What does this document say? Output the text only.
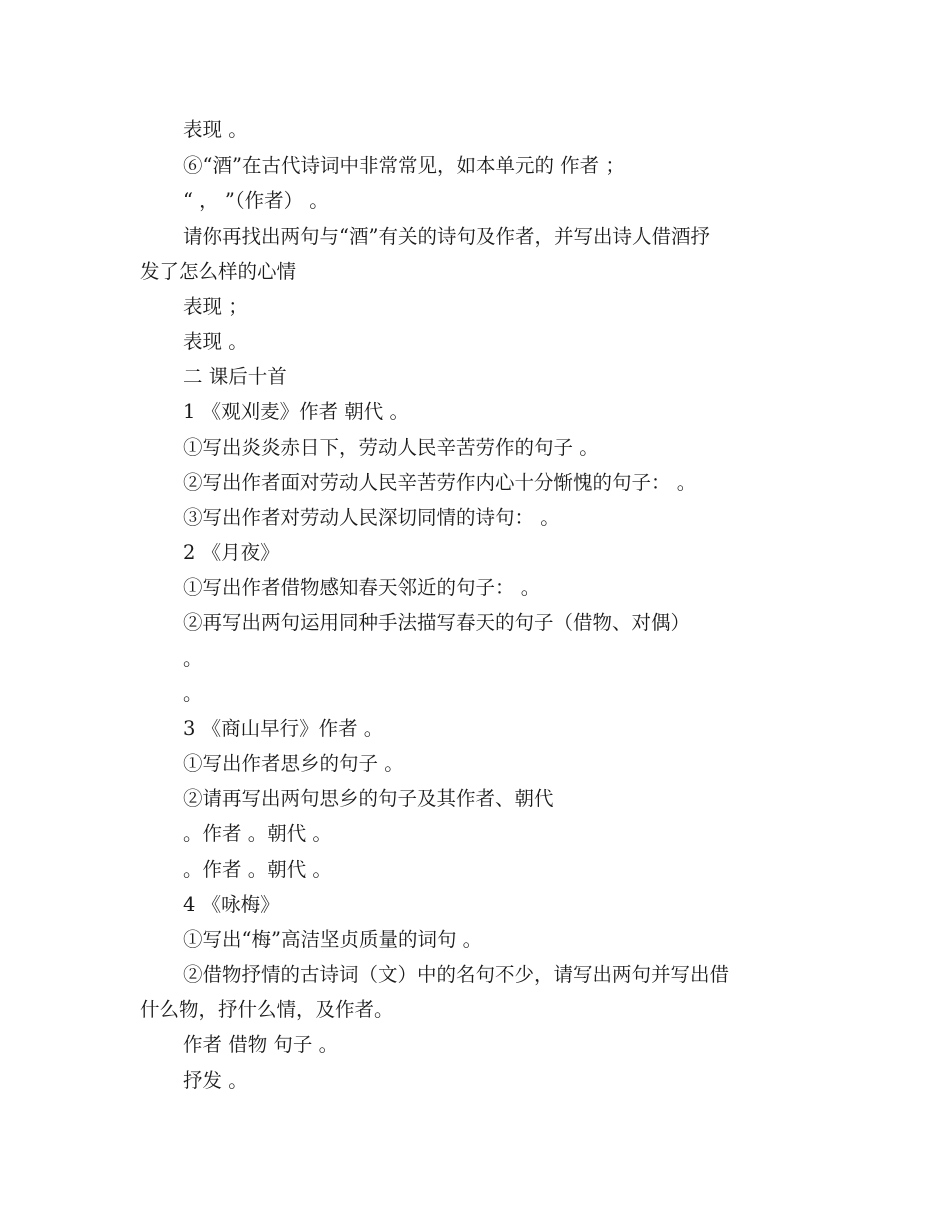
表现 。
⑥“酒”在古代诗词中非常常见，如本单元的 作者 ；
“ ， ”（作者） 。
请你再找出两句与“酒”有关的诗句及作者，并写出诗人借酒抒
发了怎么样的心情
表现 ；
表现 。
二 课后十首
1 《观刈麦》作者 朝代 。
①写出炎炎赤日下，劳动人民辛苦劳作的句子 。
②写出作者面对劳动人民辛苦劳作内心十分惭愧的句子： 。
③写出作者对劳动人民深切同情的诗句： 。
2 《月夜》
①写出作者借物感知春天邻近的句子： 。
②再写出两句运用同种手法描写春天的句子（借物、对偶）
。
。
3 《商山早行》作者 。
①写出作者思乡的句子 。
②请再写出两句思乡的句子及其作者、朝代
。作者 。朝代 。
。作者 。朝代 。
4 《咏梅》
①写出“梅”高洁坚贞质量的词句 。
②借物抒情的古诗词（文）中的名句不少，请写出两句并写出借
什么物，抒什么情，及作者。
作者 借物 句子 。
抒发 。
